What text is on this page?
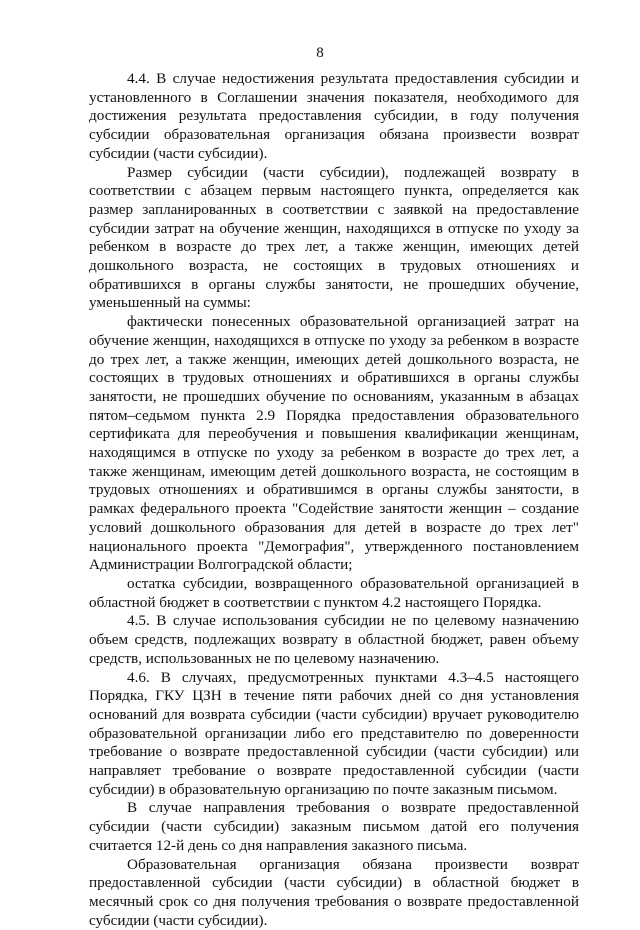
8

4.4. В случае недостижения результата предоставления субсидии и установленного в Соглашении значения показателя, необходимого для достижения результата предоставления субсидии, в году получения субсидии образовательная организация обязана произвести возврат субсидии (части субсидии).

Размер субсидии (части субсидии), подлежащей возврату в соответствии с абзацем первым настоящего пункта, определяется как размер запланированных в соответствии с заявкой на предоставление субсидии затрат на обучение женщин, находящихся в отпуске по уходу за ребенком в возрасте до трех лет, а также женщин, имеющих детей дошкольного возраста, не состоящих в трудовых отношениях и обратившихся в органы службы занятости, не прошедших обучение, уменьшенный на суммы:

фактически понесенных образовательной организацией затрат на обучение женщин, находящихся в отпуске по уходу за ребенком в возрасте до трех лет, а также женщин, имеющих детей дошкольного возраста, не состоящих в трудовых отношениях и обратившихся в органы службы занятости, не прошедших обучение по основаниям, указанным в абзацах пятом–седьмом пункта 2.9 Порядка предоставления образовательного сертификата для переобучения и повышения квалификации женщинам, находящимся в отпуске по уходу за ребенком в возрасте до трех лет, а также женщинам, имеющим детей дошкольного возраста, не состоящим в трудовых отношениях и обратившимся в органы службы занятости, в рамках федерального проекта "Содействие занятости женщин – создание условий дошкольного образования для детей в возрасте до трех лет" национального проекта "Демография", утвержденного постановлением Администрации Волгоградской области;

остатка субсидии, возвращенного образовательной организацией в областной бюджет в соответствии с пунктом 4.2 настоящего Порядка.

4.5. В случае использования субсидии не по целевому назначению объем средств, подлежащих возврату в областной бюджет, равен объему средств, использованных не по целевому назначению.

4.6. В случаях, предусмотренных пунктами 4.3–4.5 настоящего Порядка, ГКУ ЦЗН в течение пяти рабочих дней со дня установления оснований для возврата субсидии (части субсидии) вручает руководителю образовательной организации либо его представителю по доверенности требование о возврате предоставленной субсидии (части субсидии) или направляет требование о возврате предоставленной субсидии (части субсидии) в образовательную организацию по почте заказным письмом.

В случае направления требования о возврате предоставленной субсидии (части субсидии) заказным письмом датой его получения считается 12-й день со дня направления заказного письма.

Образовательная организация обязана произвести возврат предоставленной субсидии (части субсидии) в областной бюджет в месячный срок со дня получения требования о возврате предоставленной субсидии (части субсидии).
